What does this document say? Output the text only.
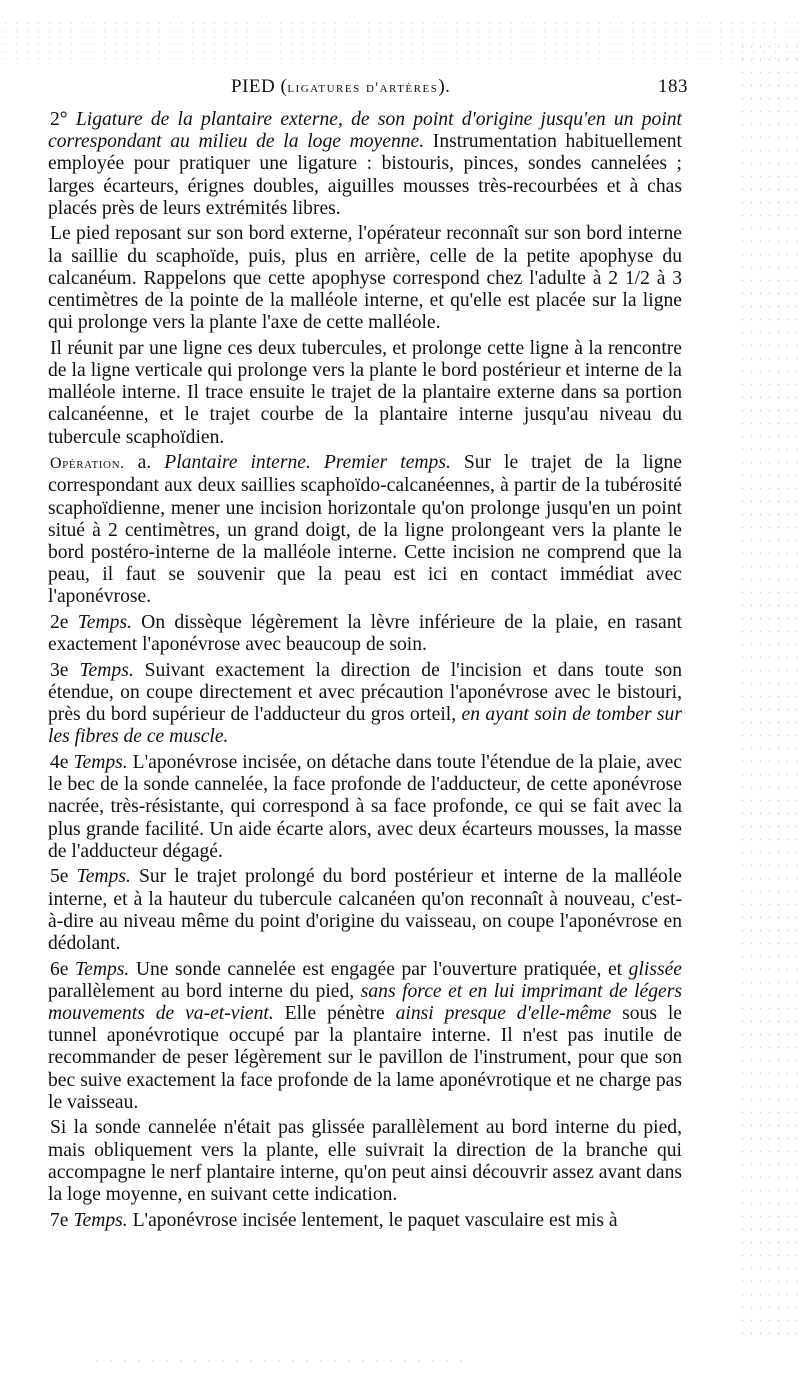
PIED (ligatures d'artères).	183

2° Ligature de la plantaire externe, de son point d'origine jusqu'en un point correspondant au milieu de la loge moyenne. Instrumentation habituellement employée pour pratiquer une ligature : bistouris, pinces, sondes cannelées ; larges écarteurs, érignes doubles, aiguilles mousses très-recourbées et à chas placés près de leurs extrémités libres.

Le pied reposant sur son bord externe, l'opérateur reconnaît sur son bord interne la saillie du scaphoïde, puis, plus en arrière, celle de la petite apophyse du calcanéum. Rappelons que cette apophyse correspond chez l'adulte à 2 1/2 à 3 centimètres de la pointe de la malléole interne, et qu'elle est placée sur la ligne qui prolonge vers la plante l'axe de cette malléole.

Il réunit par une ligne ces deux tubercules, et prolonge cette ligne à la rencontre de la ligne verticale qui prolonge vers la plante le bord postérieur et interne de la malléole interne. Il trace ensuite le trajet de la plantaire externe dans sa portion calcanéenne, et le trajet courbe de la plantaire interne jusqu'au niveau du tubercule scaphoïdien.

Opération. a. Plantaire interne. Premier temps. Sur le trajet de la ligne correspondant aux deux saillies scaphoïdo-calcanéennes, à partir de la tubérosité scaphoïdienne, mener une incision horizontale qu'on prolonge jusqu'en un point situé à 2 centimètres, un grand doigt, de la ligne prolongeant vers la plante le bord postéro-interne de la malléole interne. Cette incision ne comprend que la peau, il faut se souvenir que la peau est ici en contact immédiat avec l'aponévrose.

2e Temps. On dissèque légèrement la lèvre inférieure de la plaie, en rasant exactement l'aponévrose avec beaucoup de soin.

3e Temps. Suivant exactement la direction de l'incision et dans toute son étendue, on coupe directement et avec précaution l'aponévrose avec le bistouri, près du bord supérieur de l'adducteur du gros orteil, en ayant soin de tomber sur les fibres de ce muscle.

4e Temps. L'aponévrose incisée, on détache dans toute l'étendue de la plaie, avec le bec de la sonde cannelée, la face profonde de l'adducteur, de cette aponévrose nacrée, très-résistante, qui correspond à sa face profonde, ce qui se fait avec la plus grande facilité. Un aide écarte alors, avec deux écarteurs mousses, la masse de l'adducteur dégagé.

5e Temps. Sur le trajet prolongé du bord postérieur et interne de la malléole interne, et à la hauteur du tubercule calcanéen qu'on reconnaît à nouveau, c'est-à-dire au niveau même du point d'origine du vaisseau, on coupe l'aponévrose en dédolant.

6e Temps. Une sonde cannelée est engagée par l'ouverture pratiquée, et glissée parallèlement au bord interne du pied, sans force et en lui imprimant de légers mouvements de va-et-vient. Elle pénètre ainsi presque d'elle-même sous le tunnel aponévrotique occupé par la plantaire interne. Il n'est pas inutile de recommander de peser légèrement sur le pavillon de l'instrument, pour que son bec suive exactement la face profonde de la lame aponévrotique et ne charge pas le vaisseau.

Si la sonde cannelée n'était pas glissée parallèlement au bord interne du pied, mais obliquement vers la plante, elle suivrait la direction de la branche qui accompagne le nerf plantaire interne, qu'on peut ainsi découvrir assez avant dans la loge moyenne, en suivant cette indication.

7e Temps. L'aponévrose incisée lentement, le paquet vasculaire est mis à
